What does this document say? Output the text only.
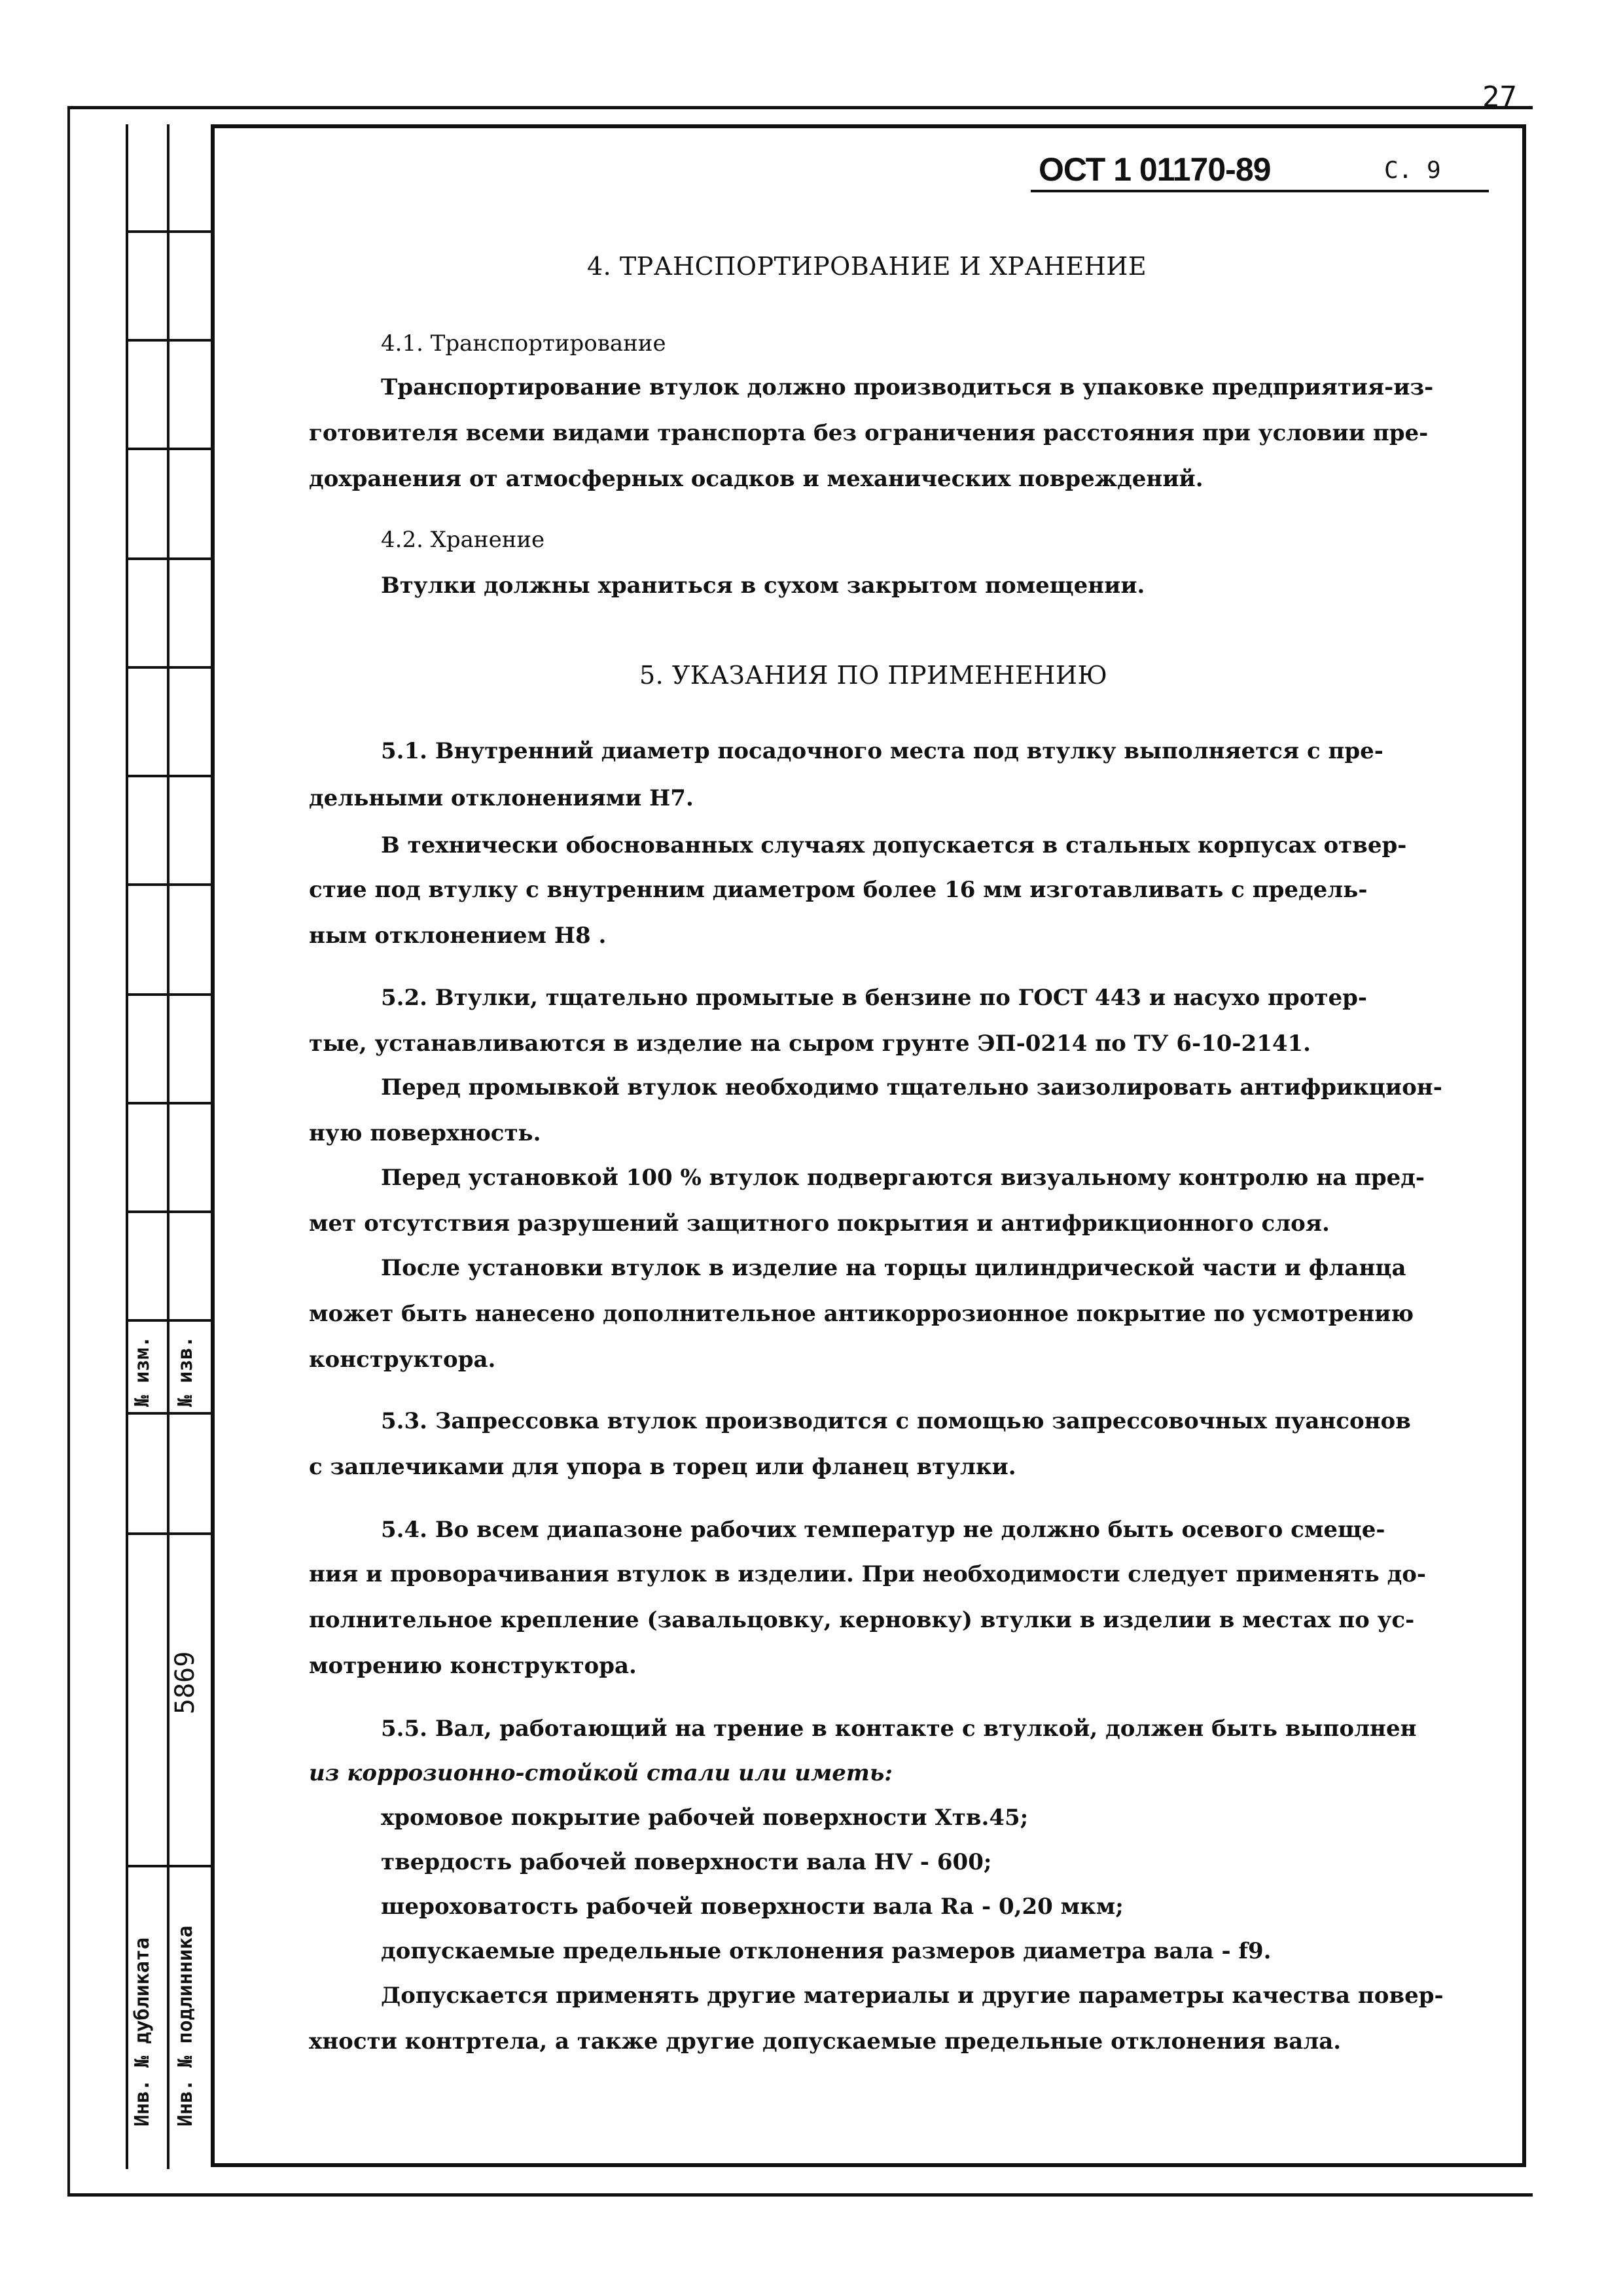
27
№ изм. № изв.
5869
Инв. № дубликата Инв. № подлинника
ОСТ 1 01170-89	С. 9
4. ТРАНСПОРТИРОВАНИЕ И ХРАНЕНИЕ
4.1. Транспортирование
Транспортирование втулок должно производиться в упаковке предприятия-из-
готовителя всеми видами транспорта без ограничения расстояния при условии пре-
дохранения от атмосферных осадков и механических повреждений.
4.2. Хранение
Втулки должны храниться в сухом закрытом помещении.
5. УКАЗАНИЯ ПО ПРИМЕНЕНИЮ
5.1. Внутренний диаметр посадочного места под втулку выполняется с пре-
дельными отклонениями H7.
В технически обоснованных случаях допускается в стальных корпусах отвер-
стие под втулку с внутренним диаметром более 16 мм изготавливать с предель-
ным отклонением H8 .
5.2. Втулки, тщательно промытые в бензине по ГОСТ 443 и насухо протер-
тые, устанавливаются в изделие на сыром грунте ЭП-0214 по ТУ 6-10-2141.
Перед промывкой втулок необходимо тщательно заизолировать антифрикцион-
ную поверхность.
Перед установкой 100 % втулок подвергаются визуальному контролю на пред-
мет отсутствия разрушений защитного покрытия и антифрикционного слоя.
После установки втулок в изделие на торцы цилиндрической части и фланца
может быть нанесено дополнительное антикоррозионное покрытие по усмотрению
конструктора.
5.3. Запрессовка втулок производится с помощью запрессовочных пуансонов
с заплечиками для упора в торец или фланец втулки.
5.4. Во всем диапазоне рабочих температур не должно быть осевого смеще-
ния и проворачивания втулок в изделии. При необходимости следует применять до-
полнительное крепление (завальцовку, керновку) втулки в изделии в местах по ус-
мотрению конструктора.
5.5. Вал, работающий на трение в контакте с втулкой, должен быть выполнен
из коррозионно-стойкой стали или иметь:
хромовое покрытие рабочей поверхности Хтв.45;
твердость рабочей поверхности вала HV - 600;
шероховатость рабочей поверхности вала Ra - 0,20 мкм;
допускаемые предельные отклонения размеров диаметра вала - f9.
Допускается применять другие материалы и другие параметры качества повер-
хности контртела, а также другие допускаемые предельные отклонения вала.
